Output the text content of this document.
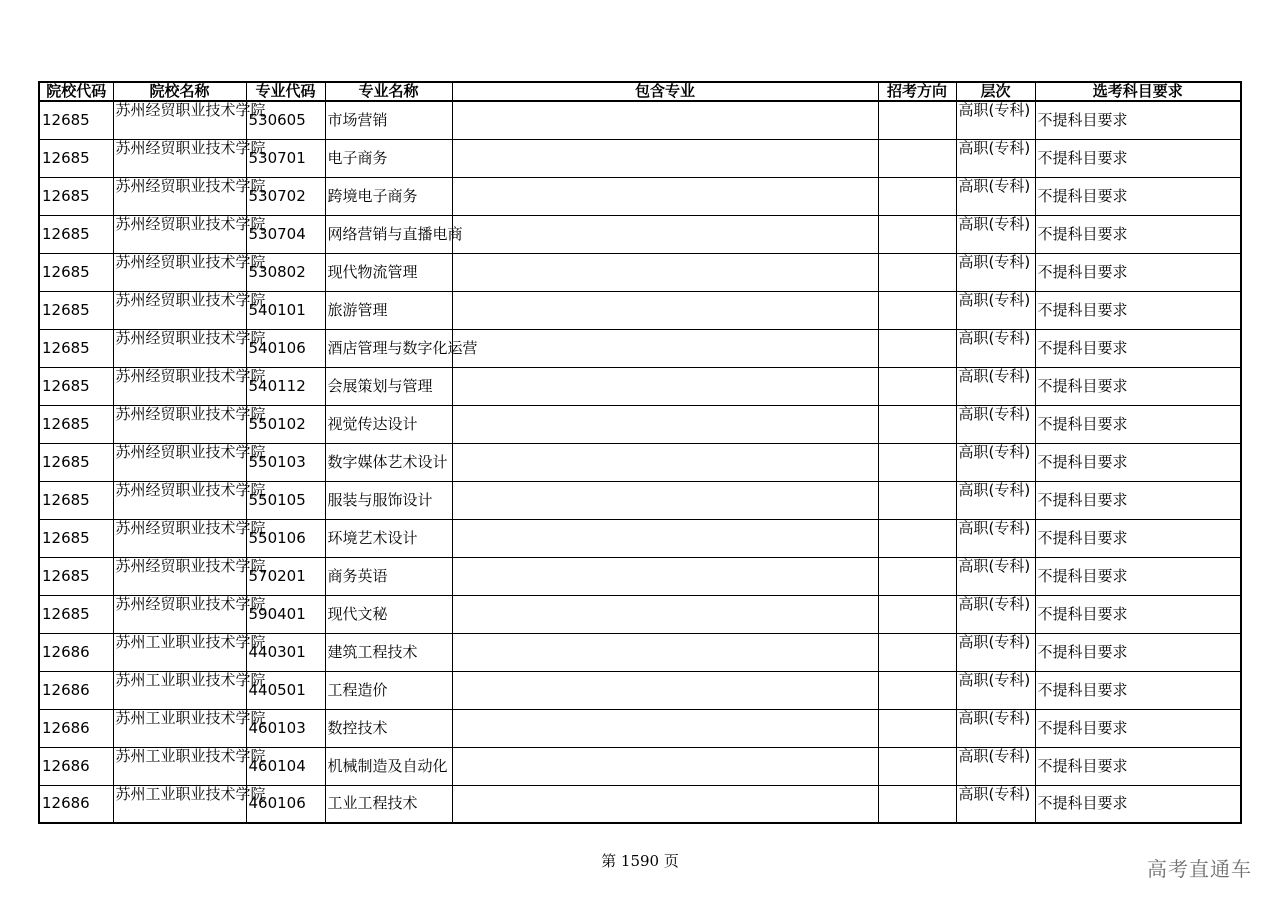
院校代码	院校名称	专业代码	专业名称	包含专业	招考方向	层次	选考科目要求
12685	苏州经贸职业技术学院	530605	市场营销			高职(专科)	不提科目要求
12685	苏州经贸职业技术学院	530701	电子商务			高职(专科)	不提科目要求
12685	苏州经贸职业技术学院	530702	跨境电子商务			高职(专科)	不提科目要求
12685	苏州经贸职业技术学院	530704	网络营销与直播电商			高职(专科)	不提科目要求
12685	苏州经贸职业技术学院	530802	现代物流管理			高职(专科)	不提科目要求
12685	苏州经贸职业技术学院	540101	旅游管理			高职(专科)	不提科目要求
12685	苏州经贸职业技术学院	540106	酒店管理与数字化运营			高职(专科)	不提科目要求
12685	苏州经贸职业技术学院	540112	会展策划与管理			高职(专科)	不提科目要求
12685	苏州经贸职业技术学院	550102	视觉传达设计			高职(专科)	不提科目要求
12685	苏州经贸职业技术学院	550103	数字媒体艺术设计			高职(专科)	不提科目要求
12685	苏州经贸职业技术学院	550105	服装与服饰设计			高职(专科)	不提科目要求
12685	苏州经贸职业技术学院	550106	环境艺术设计			高职(专科)	不提科目要求
12685	苏州经贸职业技术学院	570201	商务英语			高职(专科)	不提科目要求
12685	苏州经贸职业技术学院	590401	现代文秘			高职(专科)	不提科目要求
12686	苏州工业职业技术学院	440301	建筑工程技术			高职(专科)	不提科目要求
12686	苏州工业职业技术学院	440501	工程造价			高职(专科)	不提科目要求
12686	苏州工业职业技术学院	460103	数控技术			高职(专科)	不提科目要求
12686	苏州工业职业技术学院	460104	机械制造及自动化			高职(专科)	不提科目要求
12686	苏州工业职业技术学院	460106	工业工程技术			高职(专科)	不提科目要求
第 1590 页	高考直通车
